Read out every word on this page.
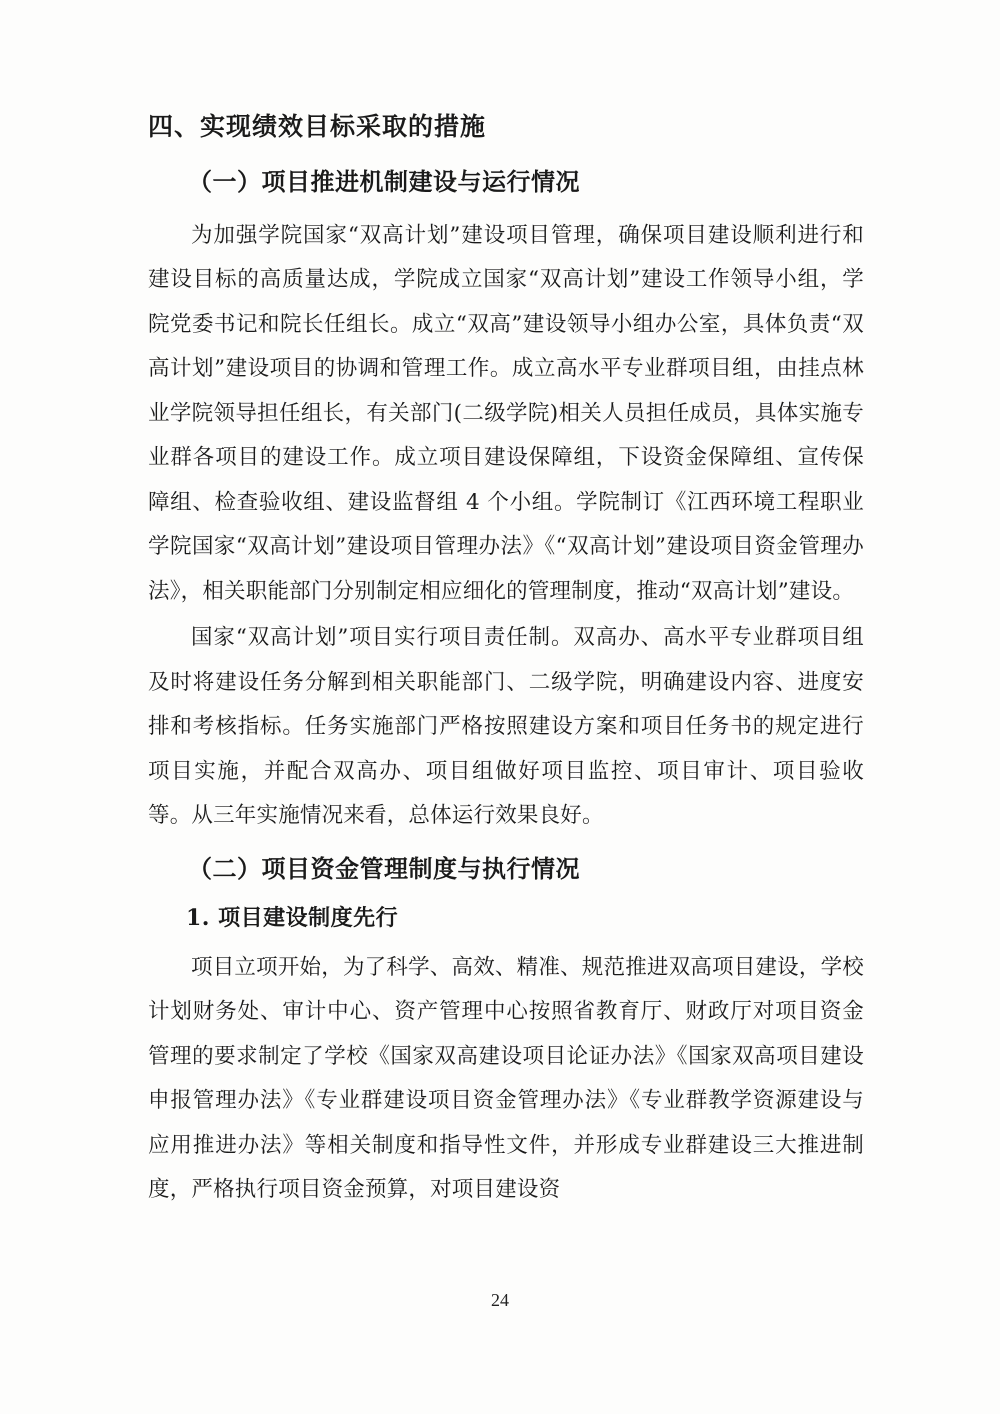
四、实现绩效目标采取的措施
（一）项目推进机制建设与运行情况

为加强学院国家“双高计划”建设项目管理，确保项目建设顺利进行和建设目标的高质量达成，学院成立国家“双高计划”建设工作领导小组，学院党委书记和院长任组长。成立“双高”建设领导小组办公室，具体负责“双高计划”建设项目的协调和管理工作。成立高水平专业群项目组，由挂点林业学院领导担任组长，有关部门(二级学院)相关人员担任成员，具体实施专业群各项目的建设工作。成立项目建设保障组，下设资金保障组、宣传保障组、检查验收组、建设监督组 4 个小组。学院制订《江西环境工程职业学院国家“双高计划”建设项目管理办法》《“双高计划”建设项目资金管理办法》，相关职能部门分别制定相应细化的管理制度，推动“双高计划”建设。

国家“双高计划”项目实行项目责任制。双高办、高水平专业群项目组及时将建设任务分解到相关职能部门、二级学院，明确建设内容、进度安排和考核指标。任务实施部门严格按照建设方案和项目任务书的规定进行项目实施，并配合双高办、项目组做好项目监控、项目审计、项目验收等。从三年实施情况来看，总体运行效果良好。

（二）项目资金管理制度与执行情况
1. 项目建设制度先行

项目立项开始，为了科学、高效、精准、规范推进双高项目建设，学校计划财务处、审计中心、资产管理中心按照省教育厅、财政厅对项目资金管理的要求制定了学校《国家双高建设项目论证办法》《国家双高项目建设申报管理办法》《专业群建设项目资金管理办法》《专业群教学资源建设与应用推进办法》等相关制度和指导性文件，并形成专业群建设三大推进制度，严格执行项目资金预算，对项目建设资

24
